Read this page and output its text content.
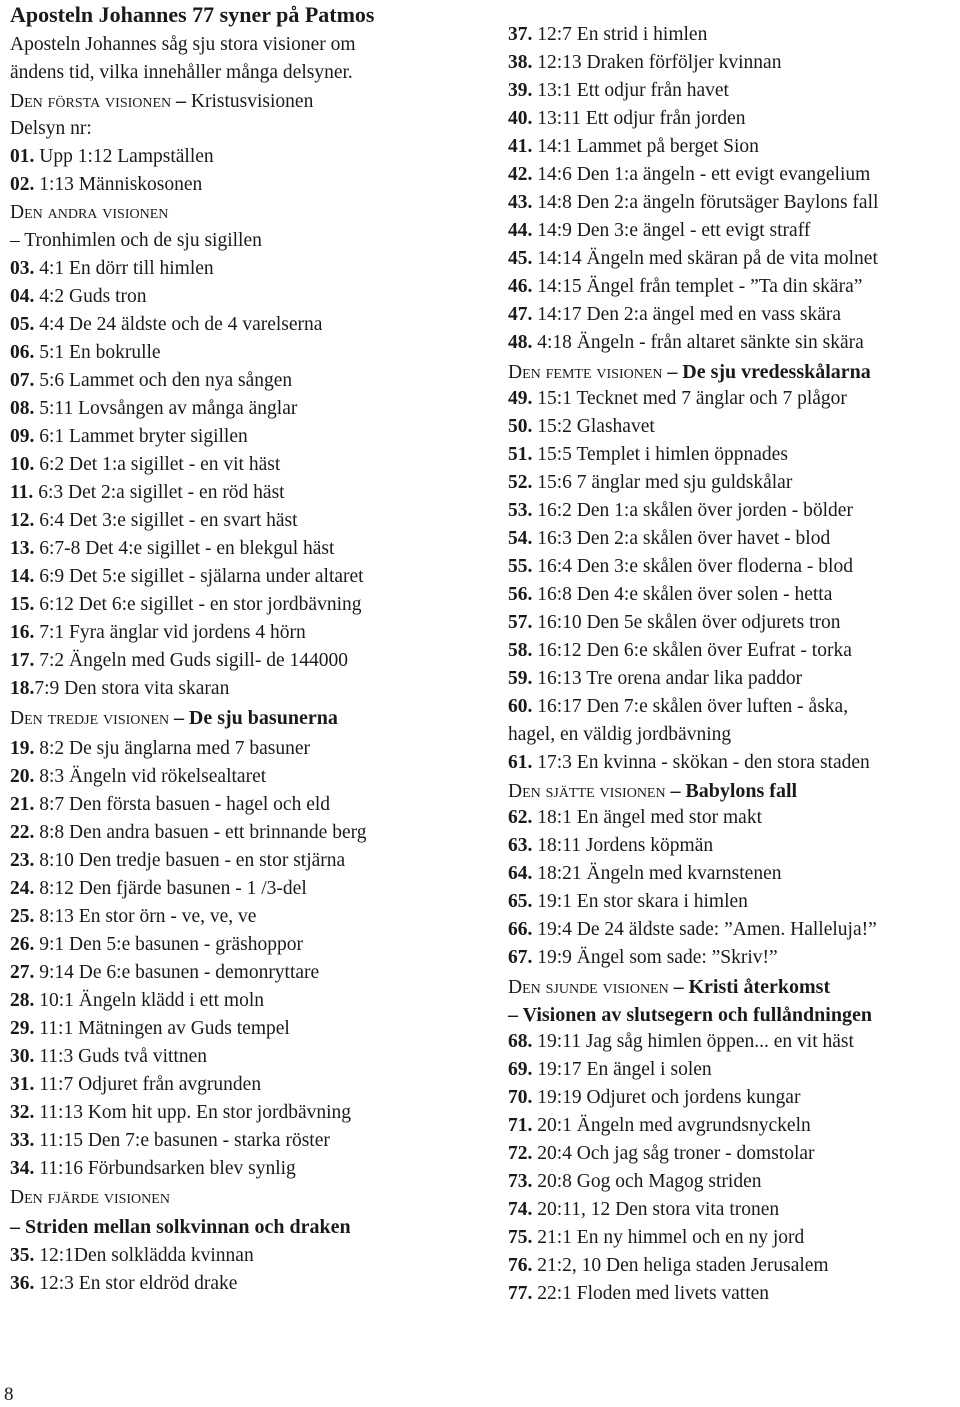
Aposteln Johannes 77 syner på Patmos
Aposteln Johannes såg sju stora visioner om
ändens tid, vilka innehåller många delsyner.
Den första visionen – Kristusvisionen
Delsyn nr:
01. Upp 1:12 Lampställen
02. 1:13 Människosonen
Den andra visionen
– Tronhimlen och de sju sigillen
03. 4:1 En dörr till himlen
04. 4:2 Guds tron
05. 4:4 De 24 äldste och de 4 varelserna
06. 5:1 En bokrulle
07. 5:6 Lammet och den nya sången
08. 5:11 Lovsången av många änglar
09. 6:1 Lammet bryter sigillen
10. 6:2 Det 1:a sigillet - en vit häst
11. 6:3 Det 2:a sigillet - en röd häst
12. 6:4 Det 3:e sigillet - en svart häst
13. 6:7-8 Det 4:e sigillet - en blekgul häst
14. 6:9 Det 5:e sigillet - själarna under altaret
15. 6:12 Det 6:e sigillet - en stor jordbävning
16. 7:1 Fyra änglar vid jordens 4 hörn
17. 7:2 Ängeln med Guds sigill- de 144000
18.7:9 Den stora vita skaran
Den tredje visionen – De sju basunerna
19. 8:2 De sju änglarna med 7 basuner
20. 8:3 Ängeln vid rökelsealtaret
21. 8:7 Den första basuen - hagel och eld
22. 8:8 Den andra basuen - ett brinnande berg
23. 8:10 Den tredje basuen - en stor stjärna
24. 8:12 Den fjärde basunen - 1 /3-del
25. 8:13 En stor örn - ve, ve, ve
26. 9:1 Den 5:e basunen - gräshoppor
27. 9:14 De 6:e basunen - demonryttare
28. 10:1 Ängeln klädd i ett moln
29. 11:1 Mätningen av Guds tempel
30. 11:3 Guds två vittnen
31. 11:7 Odjuret från avgrunden
32. 11:13 Kom hit upp. En stor jordbävning
33. 11:15 Den 7:e basunen - starka röster
34. 11:16 Förbundsarken blev synlig
Den fjärde visionen
– Striden mellan solkvinnan och draken
35. 12:1Den solklädda kvinnan
36. 12:3 En stor eldröd drake
37. 12:7 En strid i himlen
38. 12:13 Draken förföljer kvinnan
39. 13:1 Ett odjur från havet
40. 13:11 Ett odjur från jorden
41. 14:1 Lammet på berget Sion
42. 14:6 Den 1:a ängeln - ett evigt evangelium
43. 14:8 Den 2:a ängeln förutsäger Baylons fall
44. 14:9 Den 3:e ängel - ett evigt straff
45. 14:14 Ängeln med skäran på de vita molnet
46. 14:15 Ängel från templet - ”Ta din skära”
47. 14:17 Den 2:a ängel med en vass skära
48. 4:18 Ängeln - från altaret sänkte sin skära
Den femte visionen – De sju vredesskålarna
49. 15:1 Tecknet med 7 änglar och 7 plågor
50. 15:2 Glashavet
51. 15:5 Templet i himlen öppnades
52. 15:6 7 änglar med sju guldskålar
53. 16:2 Den 1:a skålen över jorden - bölder
54. 16:3 Den 2:a skålen över havet - blod
55. 16:4 Den 3:e skålen över floderna - blod
56. 16:8 Den 4:e skålen över solen - hetta
57. 16:10 Den 5e skålen över odjurets tron
58. 16:12 Den 6:e skålen över Eufrat - torka
59. 16:13 Tre orena andar lika paddor
60. 16:17 Den 7:e skålen över luften - åska,
hagel, en väldig jordbävning
61. 17:3 En kvinna - skökan - den stora staden
Den sjätte visionen – Babylons fall
62. 18:1 En ängel med stor makt
63. 18:11 Jordens köpmän
64. 18:21 Ängeln med kvarnstenen
65. 19:1 En stor skara i himlen
66. 19:4 De 24 äldste sade: ”Amen. Halleluja!”
67. 19:9 Ängel som sade: ”Skriv!”
Den sjunde visionen – Kristi återkomst
– Visionen av slutsegern och fullåndningen
68. 19:11 Jag såg himlen öppen... en vit häst
69. 19:17 En ängel i solen
70. 19:19 Odjuret och jordens kungar
71. 20:1 Ängeln med avgrundsnyckeln
72. 20:4 Och jag såg troner - domstolar
73. 20:8 Gog och Magog striden
74. 20:11, 12 Den stora vita tronen
75. 21:1 En ny himmel och en ny jord
76. 21:2, 10 Den heliga staden Jerusalem
77. 22:1 Floden med livets vatten
8
